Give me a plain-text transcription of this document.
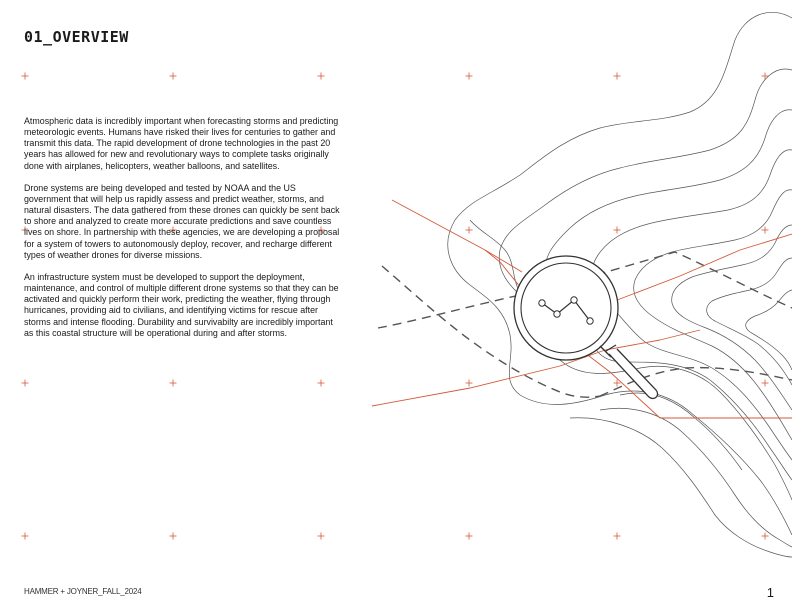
01_OVERVIEW

Atmospheric data is incredibly important when forecasting storms and predicting meteorologic events. Humans have risked their lives for centuries to gather and transmit this data. The rapid development of drone technologies in the past 20 years has allowed for new and revolutionary ways to complete tasks originally done with airplanes, helicopters, weather balloons, and satellites.

Drone systems are being developed and tested by NOAA and the US government that will help us rapidly assess and predict weather, storms, and natural disasters. The data gathered from these drones can quickly be sent back to shore and analyzed to create more accurate predictions and save countless lives on shore. In partnership with these agencies, we are developing a proposal for a system of towers to autonomously deploy, recover, and recharge different types of weather drones for diverse missions.

An infrastructure system must be developed to support the deployment, maintenance, and control of multiple different drone systems so that they can be activated and quickly perform their work, predicting the weather, flying through hurricanes, providing aid to civilians, and identifying victims for rescue after storms and intense flooding. Durability and survivabilty are incredibly important as this coastal structure will be operational during and after storms.

HAMMER + JOYNER_FALL_2024	1
